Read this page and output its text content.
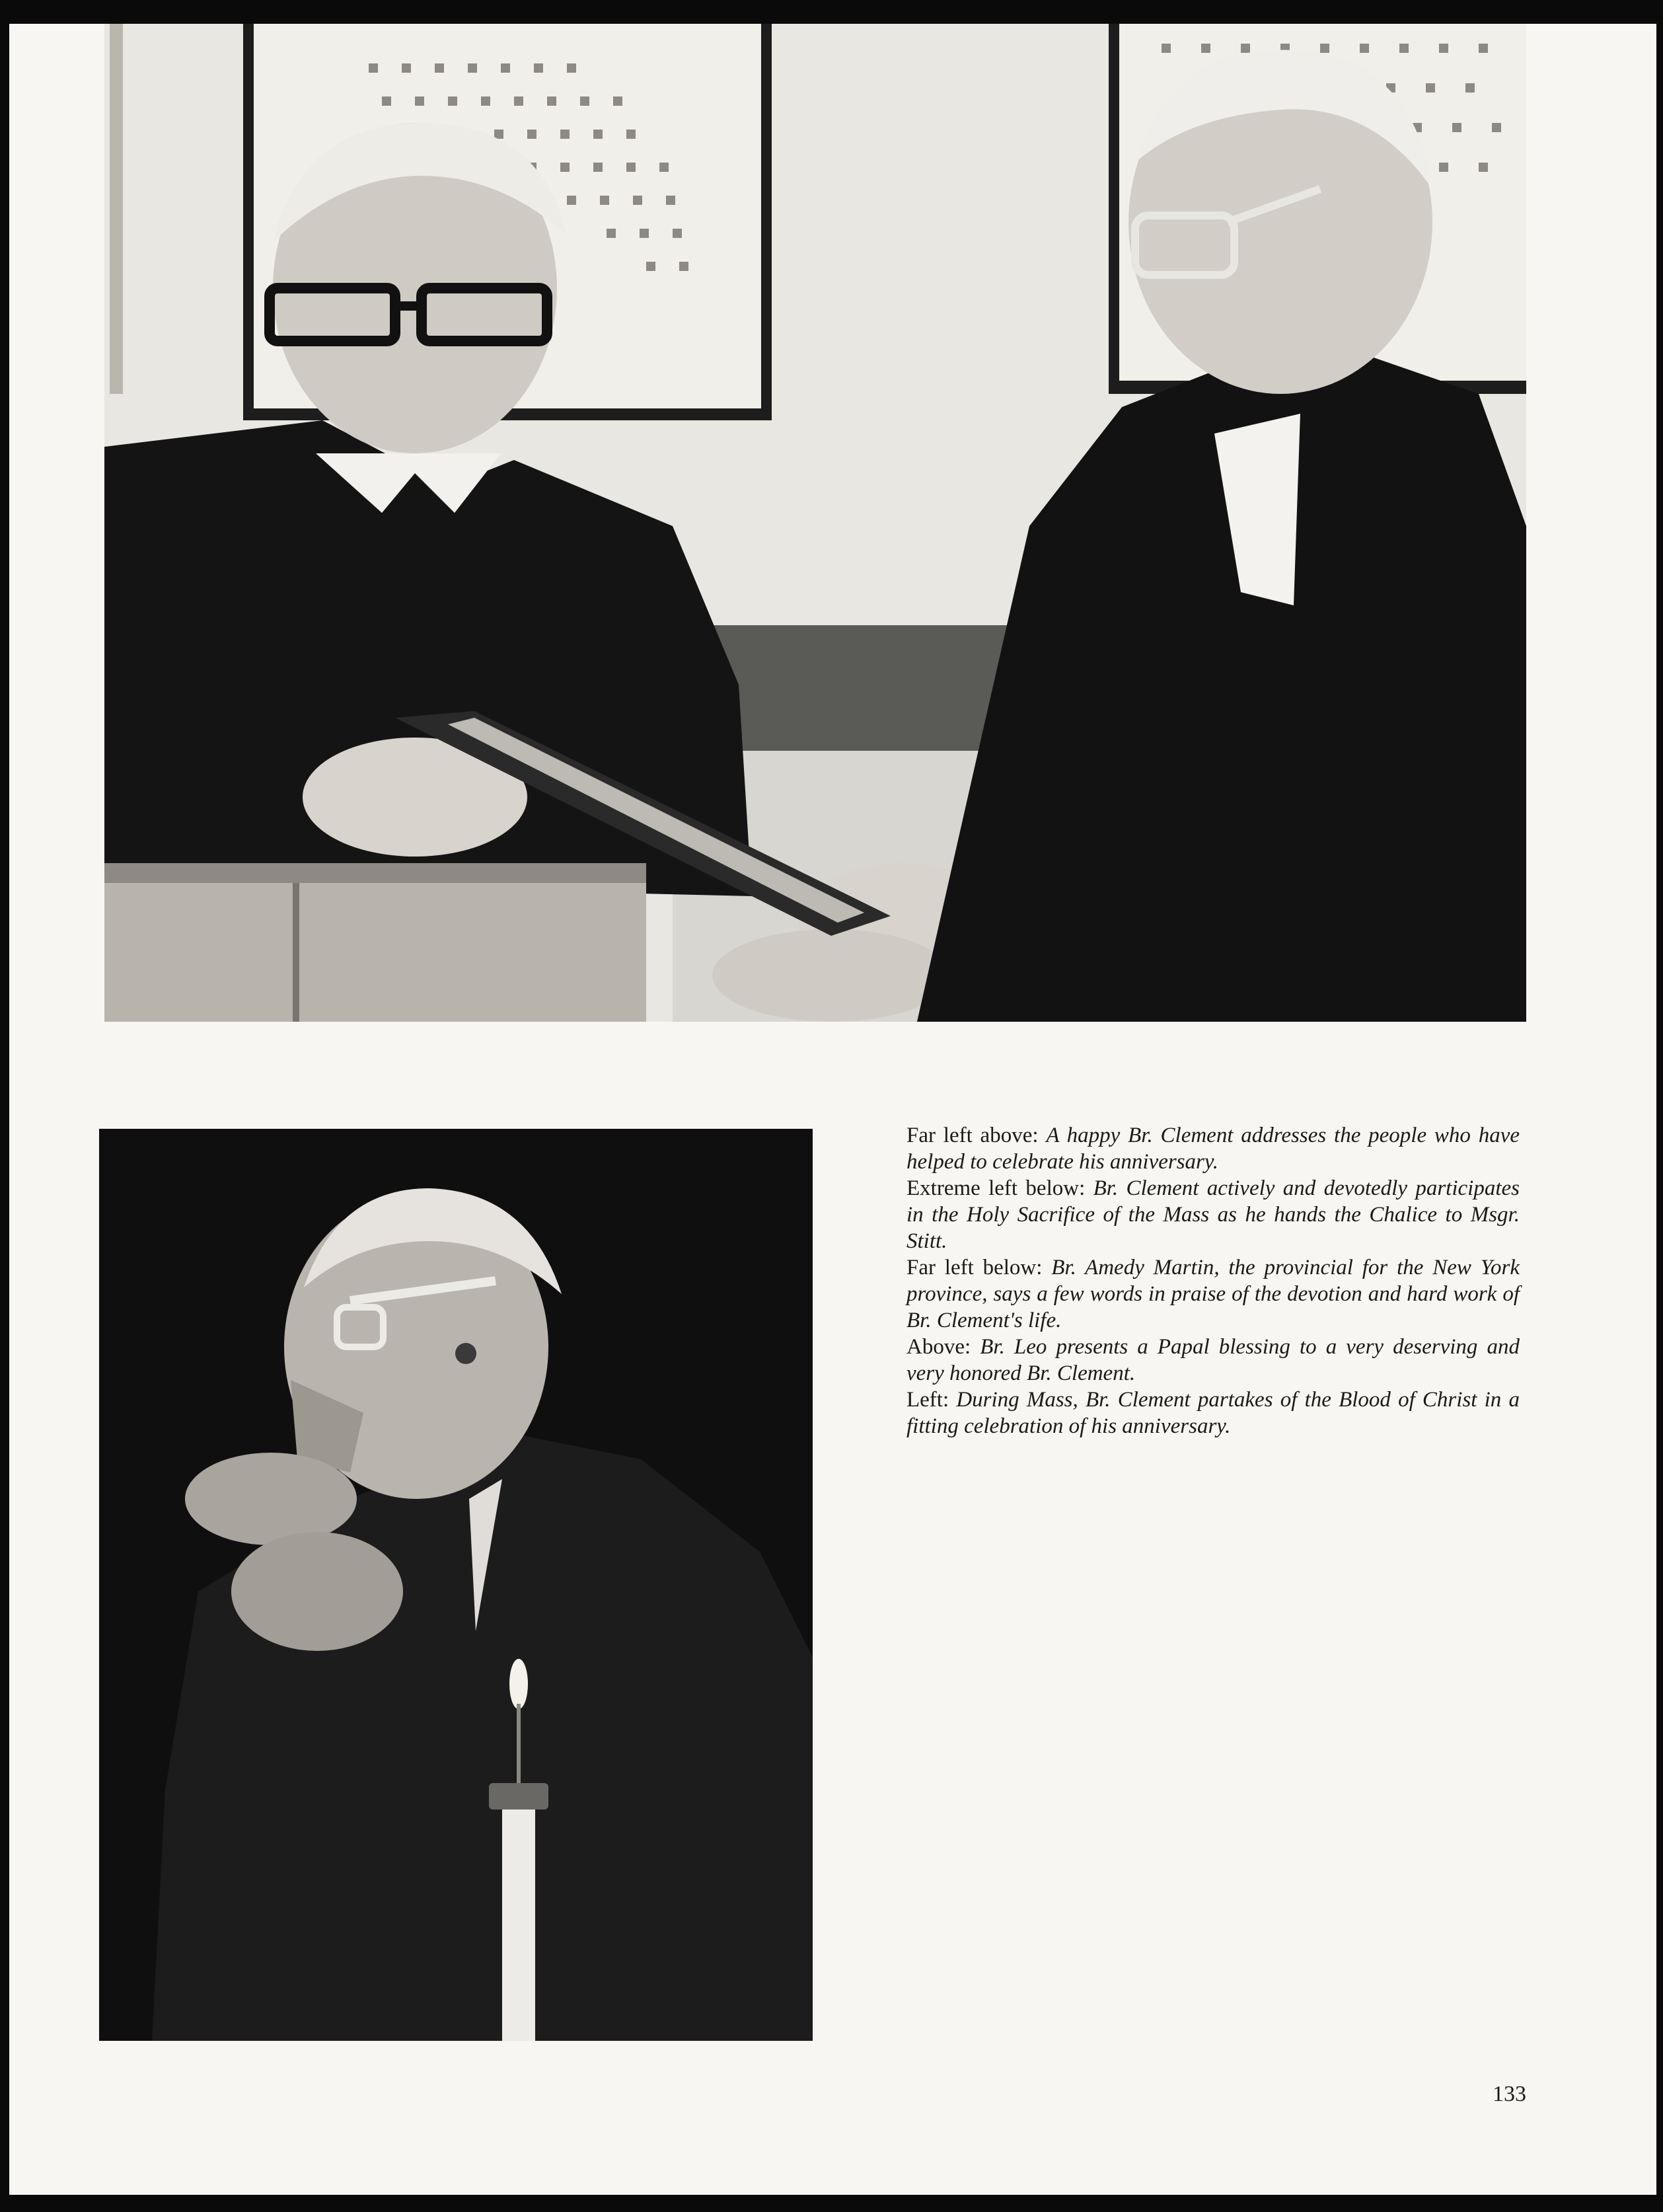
Far left above: A happy Br. Clement addresses the people who have helped to celebrate his anniversary.

Extreme left below: Br. Clement actively and devotedly participates in the Holy Sacrifice of the Mass as he hands the Chalice to Msgr. Stitt.

Far left below: Br. Amedy Martin, the provincial for the New York province, says a few words in praise of the devotion and hard work of Br. Clement's life.

Above: Br. Leo presents a Papal blessing to a very deserving and very honored Br. Clement.

Left: During Mass, Br. Clement partakes of the Blood of Christ in a fitting celebration of his anniversary.

133
